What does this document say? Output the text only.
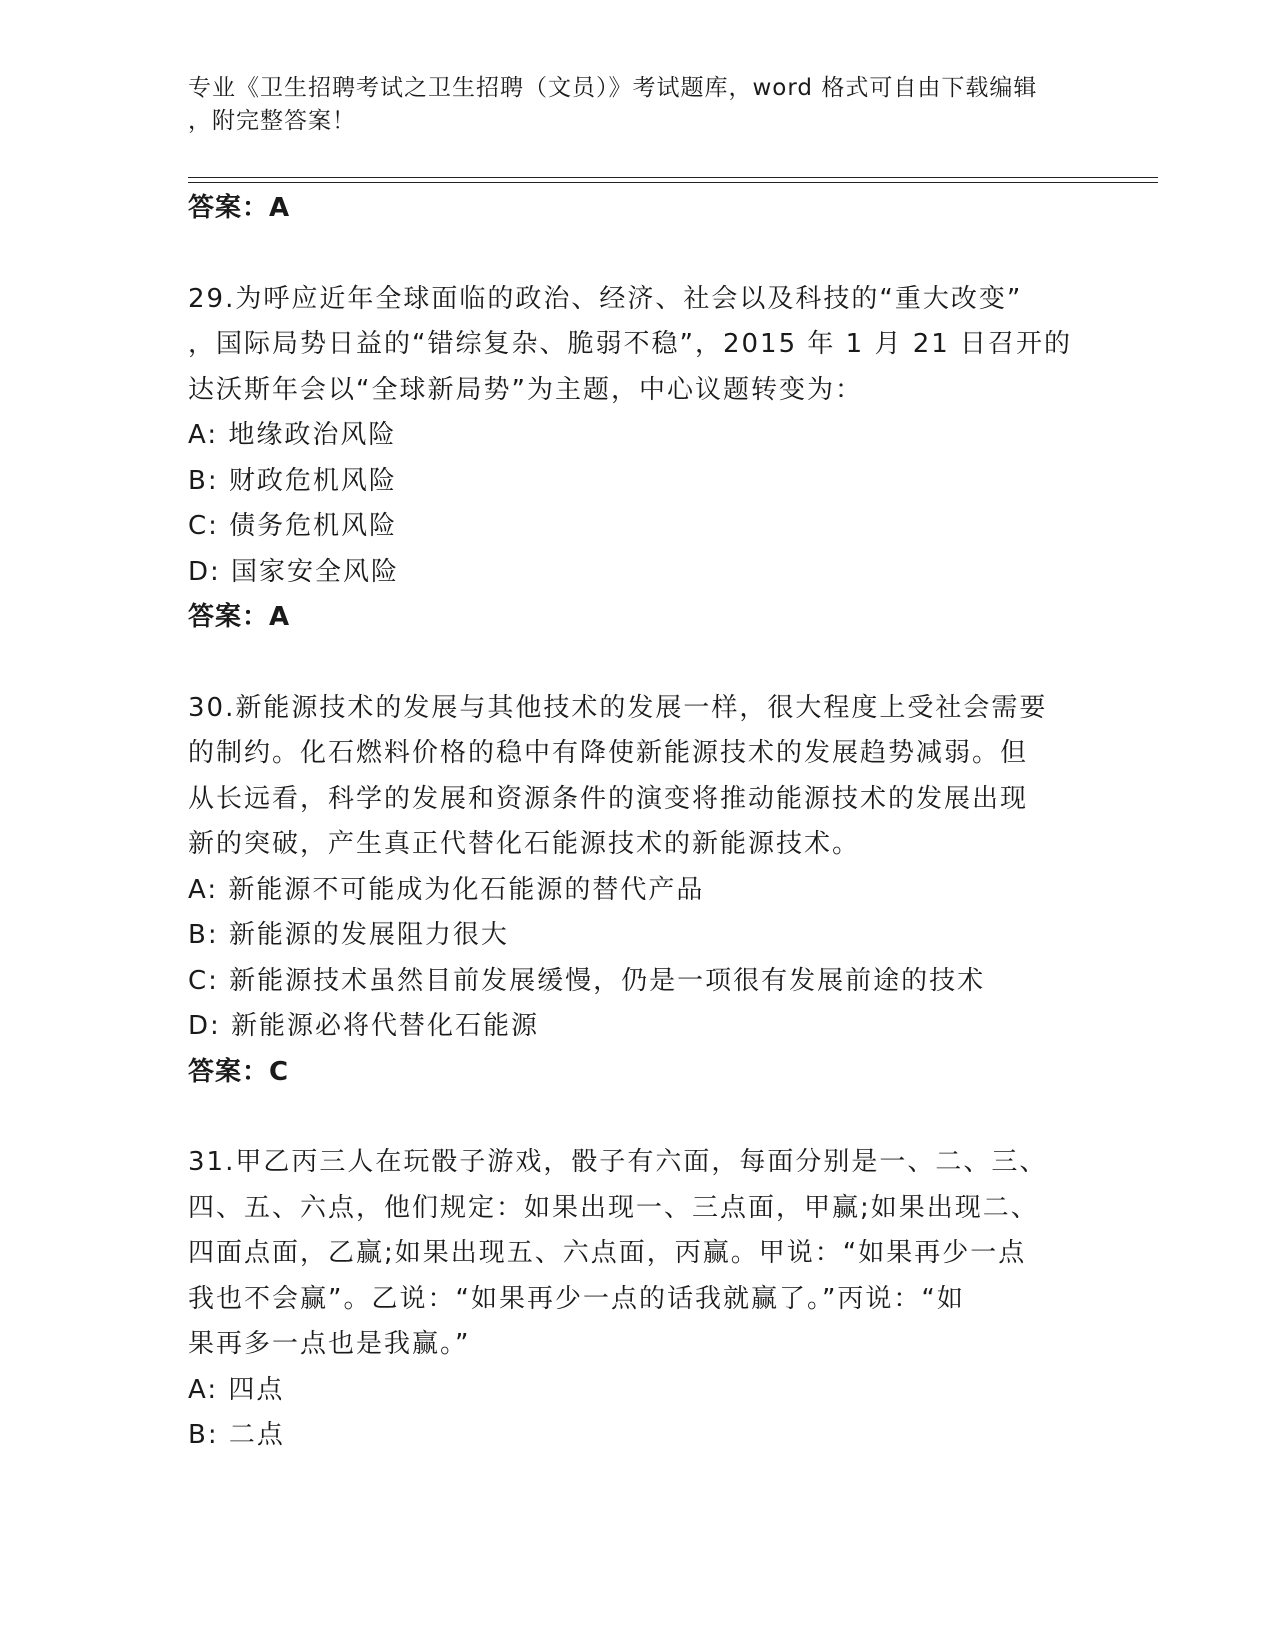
专业《卫生招聘考试之卫生招聘（文员）》考试题库，word 格式可自由下载编辑
，附完整答案！
答案：A
29.为呼应近年全球面临的政治、经济、社会以及科技的“重大改变”
，国际局势日益的“错综复杂、脆弱不稳”，2015 年 1 月 21 日召开的
达沃斯年会以“全球新局势”为主题，中心议题转变为：
A: 地缘政治风险
B: 财政危机风险
C: 债务危机风险
D: 国家安全风险
答案：A
30.新能源技术的发展与其他技术的发展一样，很大程度上受社会需要
的制约。化石燃料价格的稳中有降使新能源技术的发展趋势减弱。但
从长远看，科学的发展和资源条件的演变将推动能源技术的发展出现
新的突破，产生真正代替化石能源技术的新能源技术。
A: 新能源不可能成为化石能源的替代产品
B: 新能源的发展阻力很大
C: 新能源技术虽然目前发展缓慢，仍是一项很有发展前途的技术
D: 新能源必将代替化石能源
答案：C
31.甲乙丙三人在玩骰子游戏，骰子有六面，每面分别是一、二、三、
四、五、六点，他们规定：如果出现一、三点面，甲赢;如果出现二、
四面点面，乙赢;如果出现五、六点面，丙赢。甲说：“如果再少一点
我也不会赢”。乙说：“如果再少一点的话我就赢了。”丙说：“如
果再多一点也是我赢。”
A: 四点
B: 二点
